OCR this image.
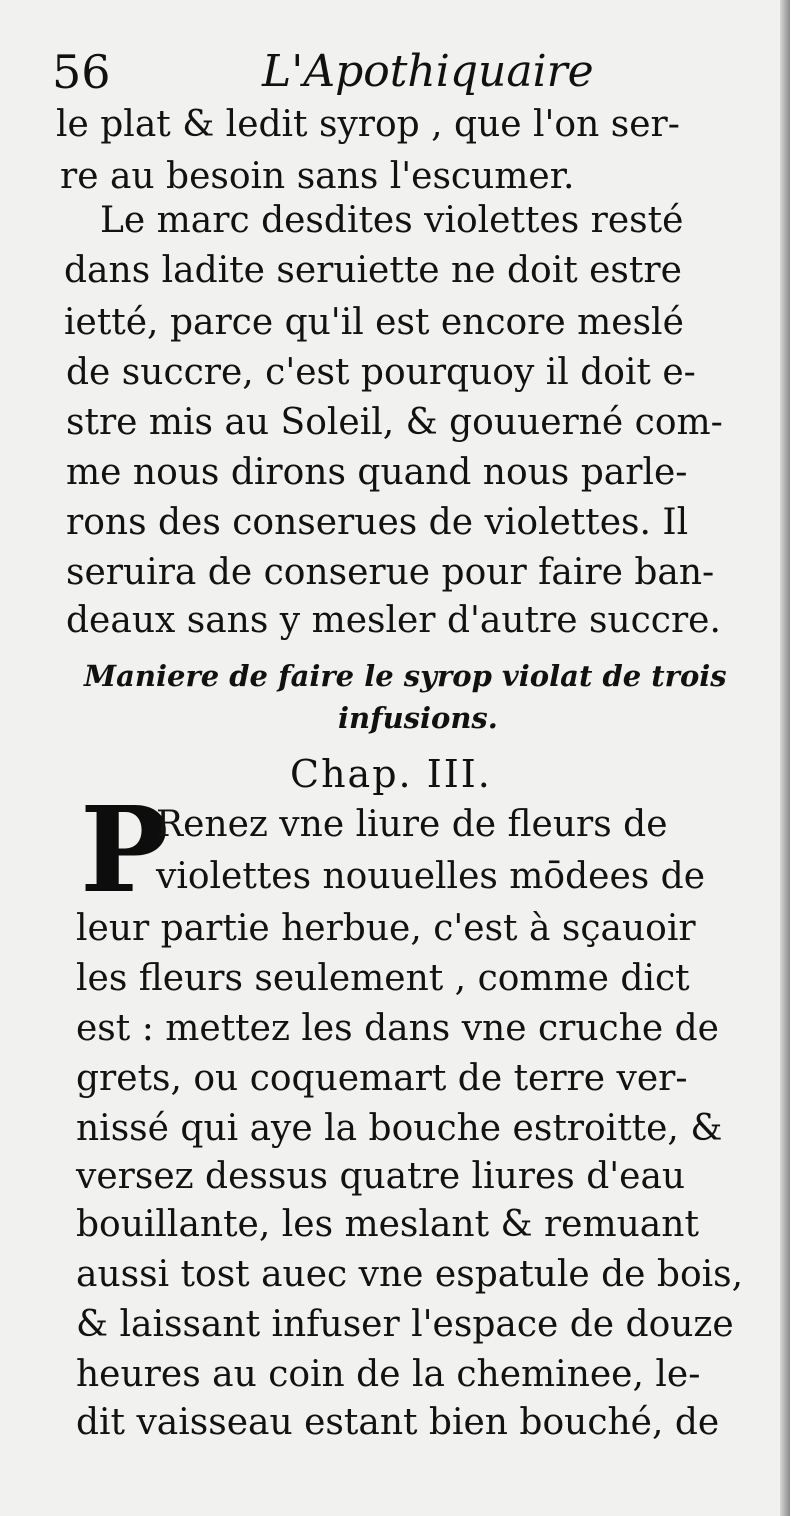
56	L'Apothiquaire
le plat & ledit syrop , que l'on ser-
re au besoin sans l'escumer.
Le marc desdites violettes resté
dans ladite seruiette ne doit estre
ietté, parce qu'il est encore meslé
de succre, c'est pourquoy il doit e-
stre mis au Soleil, & gouuerné com-
me nous dirons quand nous parle-
rons des conserues de violettes. Il
seruira de conserue pour faire ban-
deaux sans y mesler d'autre succre.
Maniere de faire le syrop violat de trois
infusions.
Chap. III.
P
Renez vne liure de fleurs de
violettes nouuelles mōdees de
leur partie herbue, c'est à sçauoir
les fleurs seulement , comme dict
est : mettez les dans vne cruche de
grets, ou coquemart de terre ver-
nissé qui aye la bouche estroitte, &
versez dessus quatre liures d'eau
bouillante, les meslant & remuant
aussi tost auec vne espatule de bois,
& laissant infuser l'espace de douze
heures au coin de la cheminee, le-
dit vaisseau estant bien bouché, de
